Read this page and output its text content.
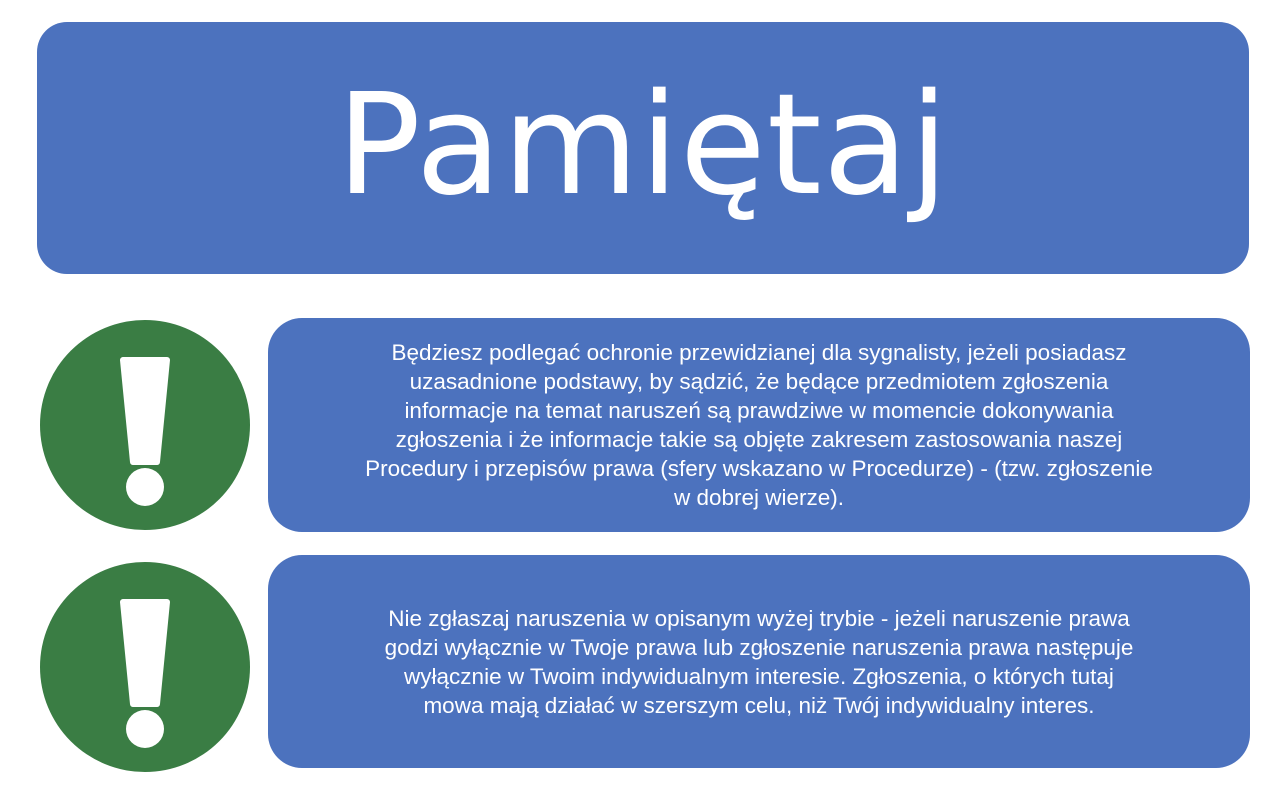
Pamiętaj

Będziesz podlegać ochronie przewidzianej dla sygnalisty, jeżeli posiadasz
uzasadnione podstawy, by sądzić, że będące przedmiotem zgłoszenia
informacje na temat naruszeń są prawdziwe w momencie dokonywania
zgłoszenia i że informacje takie są objęte zakresem zastosowania naszej
Procedury i przepisów prawa (sfery wskazano w Procedurze) - (tzw. zgłoszenie
w dobrej wierze).

Nie zgłaszaj naruszenia w opisanym wyżej trybie - jeżeli naruszenie prawa
godzi wyłącznie w Twoje prawa lub zgłoszenie naruszenia prawa następuje
wyłącznie w Twoim indywidualnym interesie. Zgłoszenia, o których tutaj
mowa mają działać w szerszym celu, niż Twój indywidualny interes.
